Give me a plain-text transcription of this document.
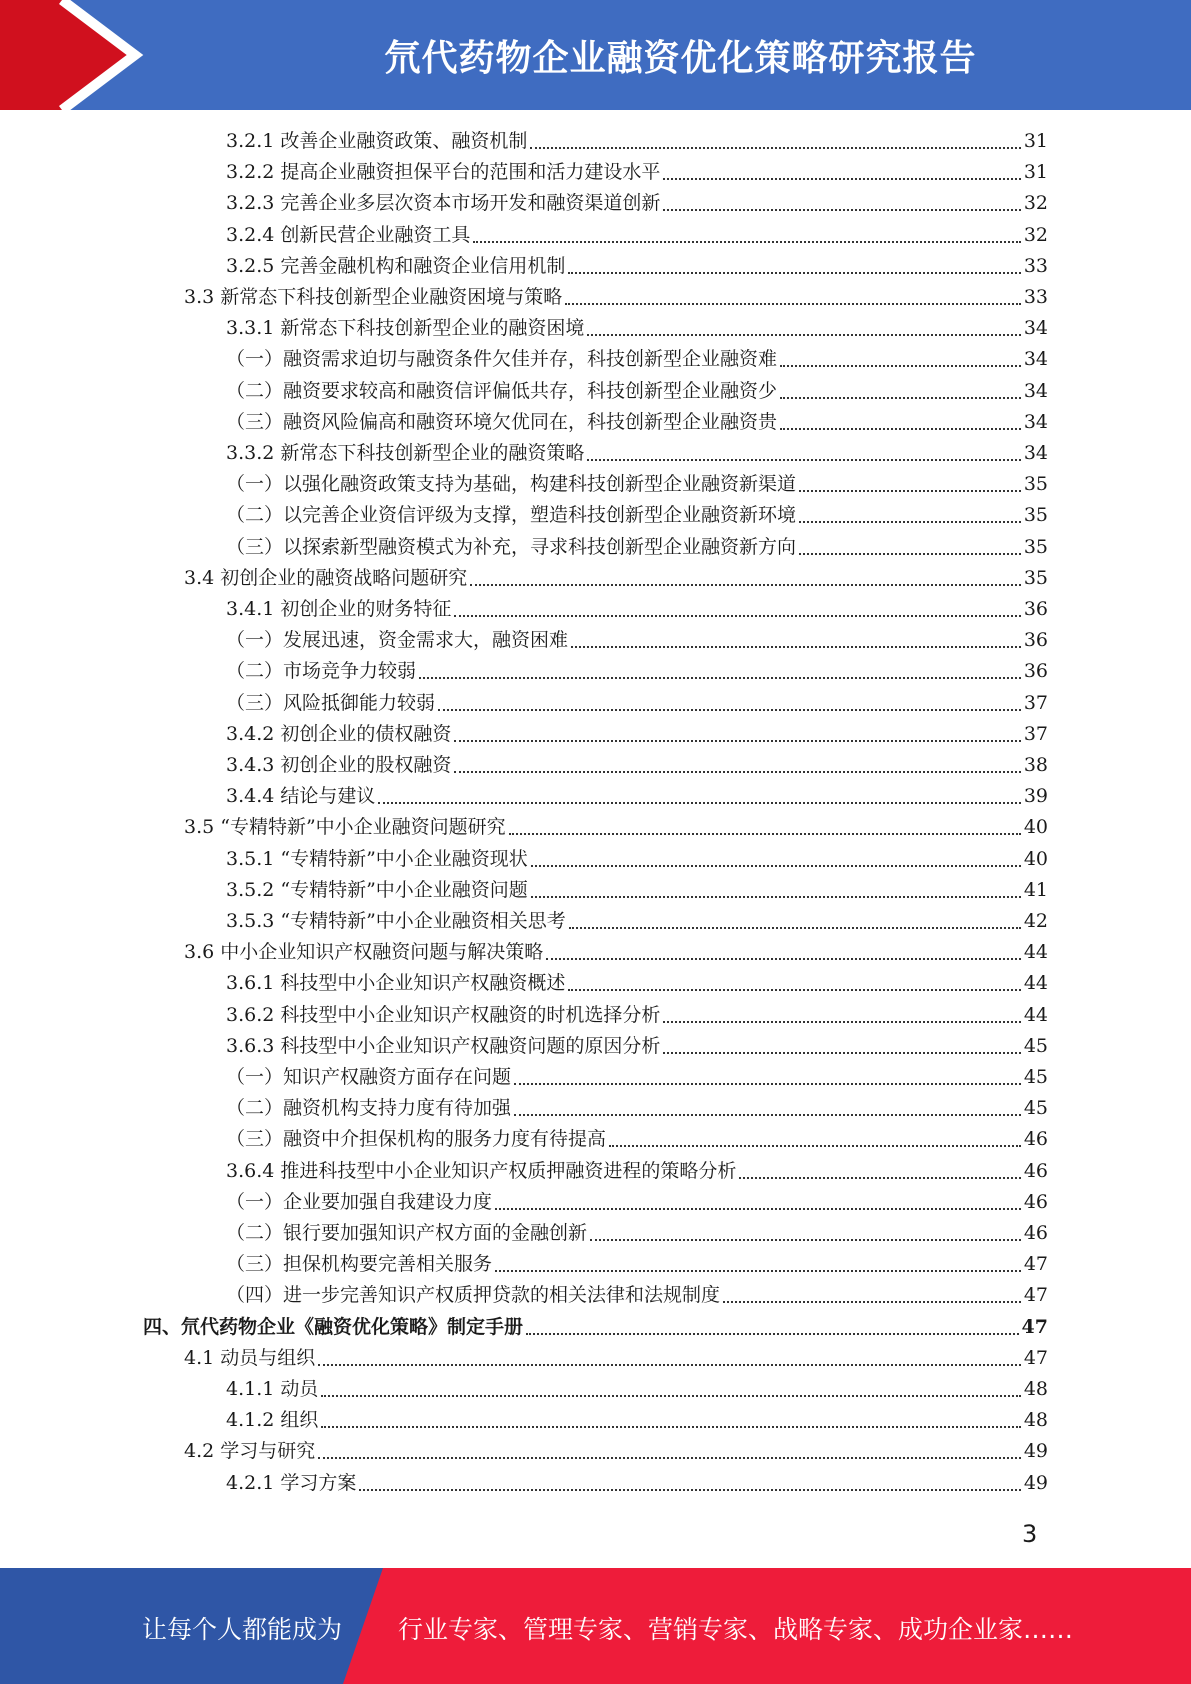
氘代药物企业融资优化策略研究报告
3.2.1 改善企业融资政策、融资机制	31
3.2.2 提高企业融资担保平台的范围和活力建设水平	31
3.2.3 完善企业多层次资本市场开发和融资渠道创新	32
3.2.4 创新民营企业融资工具	32
3.2.5 完善金融机构和融资企业信用机制	33
3.3 新常态下科技创新型企业融资困境与策略	33
3.3.1 新常态下科技创新型企业的融资困境	34
（一）融资需求迫切与融资条件欠佳并存，科技创新型企业融资难	34
（二）融资要求较高和融资信评偏低共存，科技创新型企业融资少	34
（三）融资风险偏高和融资环境欠优同在，科技创新型企业融资贵	34
3.3.2 新常态下科技创新型企业的融资策略	34
（一）以强化融资政策支持为基础，构建科技创新型企业融资新渠道	35
（二）以完善企业资信评级为支撑，塑造科技创新型企业融资新环境	35
（三）以探索新型融资模式为补充，寻求科技创新型企业融资新方向	35
3.4 初创企业的融资战略问题研究	35
3.4.1 初创企业的财务特征	36
（一）发展迅速，资金需求大，融资困难	36
（二）市场竞争力较弱	36
（三）风险抵御能力较弱	37
3.4.2 初创企业的债权融资	37
3.4.3 初创企业的股权融资	38
3.4.4 结论与建议	39
3.5 “专精特新”中小企业融资问题研究	40
3.5.1 “专精特新”中小企业融资现状	40
3.5.2 “专精特新”中小企业融资问题	41
3.5.3 “专精特新”中小企业融资相关思考	42
3.6 中小企业知识产权融资问题与解决策略	44
3.6.1 科技型中小企业知识产权融资概述	44
3.6.2 科技型中小企业知识产权融资的时机选择分析	44
3.6.3 科技型中小企业知识产权融资问题的原因分析	45
（一）知识产权融资方面存在问题	45
（二）融资机构支持力度有待加强	45
（三）融资中介担保机构的服务力度有待提高	46
3.6.4 推进科技型中小企业知识产权质押融资进程的策略分析	46
（一）企业要加强自我建设力度	46
（二）银行要加强知识产权方面的金融创新	46
（三）担保机构要完善相关服务	47
（四）进一步完善知识产权质押贷款的相关法律和法规制度	47
四、氘代药物企业《融资优化策略》制定手册	47
4.1 动员与组织	47
4.1.1 动员	48
4.1.2 组织	48
4.2 学习与研究	49
4.2.1 学习方案	49
3
让每个人都能成为 行业专家、管理专家、营销专家、战略专家、成功企业家……
